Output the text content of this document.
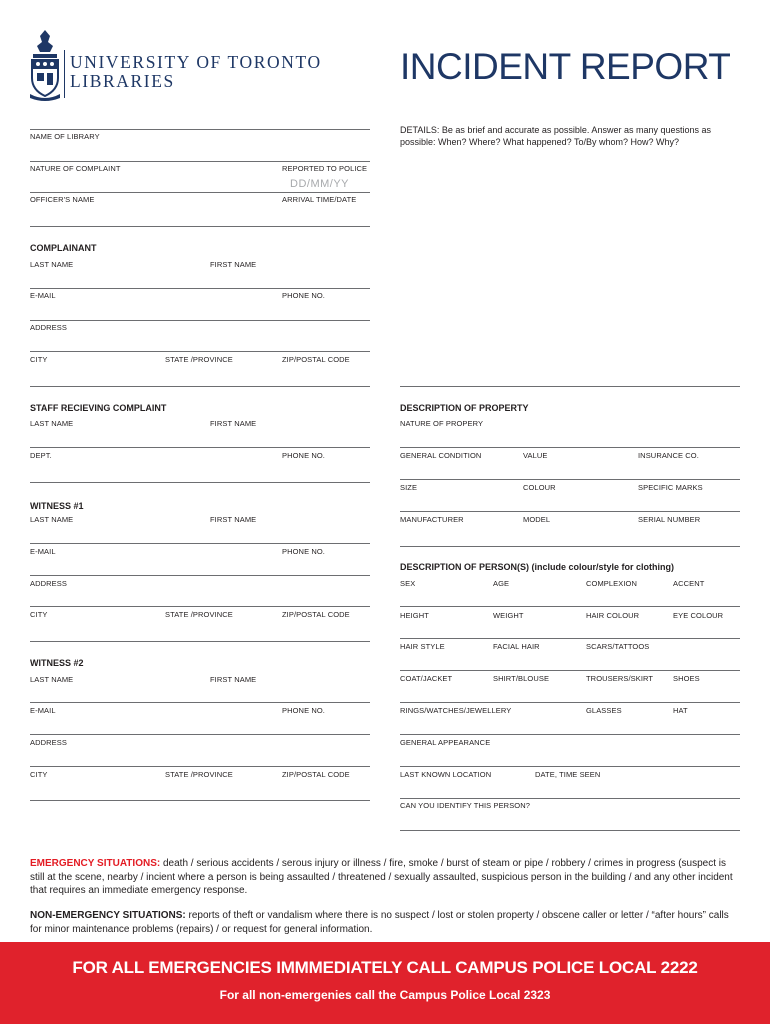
UNIVERSITY OF TORONTO
LIBRARIES	INCIDENT REPORT
DETAILS: Be as brief and accurate as possible. Answer as many questions as possible: When? Where? What happened? To/By whom? How? Why?
NAME OF LIBRARY
NATURE OF COMPLAINT	REPORTED TO POLICE
DD/MM/YY
OFFICER'S NAME	ARRIVAL TIME/DATE
COMPLAINANT
LAST NAME	FIRST NAME
E-MAIL	PHONE NO.
ADDRESS
CITY	STATE /PROVINCE	ZIP/POSTAL CODE
STAFF RECIEVING COMPLAINT
LAST NAME	FIRST NAME
DEPT.	PHONE NO.
WITNESS #1
LAST NAME	FIRST NAME
E-MAIL	PHONE NO.
ADDRESS
CITY	STATE /PROVINCE	ZIP/POSTAL CODE
WITNESS #2
LAST NAME	FIRST NAME
E-MAIL	PHONE NO.
ADDRESS
CITY	STATE /PROVINCE	ZIP/POSTAL CODE
DESCRIPTION OF PROPERTY
NATURE OF PROPERY
GENERAL CONDITION	VALUE	INSURANCE CO.
SIZE	COLOUR	SPECIFIC MARKS
MANUFACTURER	MODEL	SERIAL NUMBER
DESCRIPTION OF PERSON(S) (include colour/style for clothing)
SEX	AGE	COMPLEXION	ACCENT
HEIGHT	WEIGHT	HAIR COLOUR	EYE COLOUR
HAIR STYLE	FACIAL HAIR	SCARS/TATTOOS
COAT/JACKET	SHIRT/BLOUSE	TROUSERS/SKIRT	SHOES
RINGS/WATCHES/JEWELLERY	GLASSES	HAT
GENERAL APPEARANCE
LAST KNOWN LOCATION	DATE, TIME SEEN
CAN YOU IDENTIFY THIS PERSON?
EMERGENCY SITUATIONS: death / serious accidents / serous injury or illness / fire, smoke / burst of steam or pipe / robbery / crimes in progress (suspect is still at the scene, nearby / incient where a person is being assaulted / threatened / sexually assaulted, suspicious person in the building / and any other incident that requires an immediate emergency response.
NON-EMERGENCY SITUATIONS: reports of theft or vandalism where there is no suspect / lost or stolen property / obscene caller or letter / “after hours” calls for minor maintenance problems (repairs) / or request for general information.
FOR ALL EMERGENCIES IMMMEDIATELY CALL CAMPUS POLICE LOCAL 2222
For all non-emergenies call the Campus Police Local 2323
